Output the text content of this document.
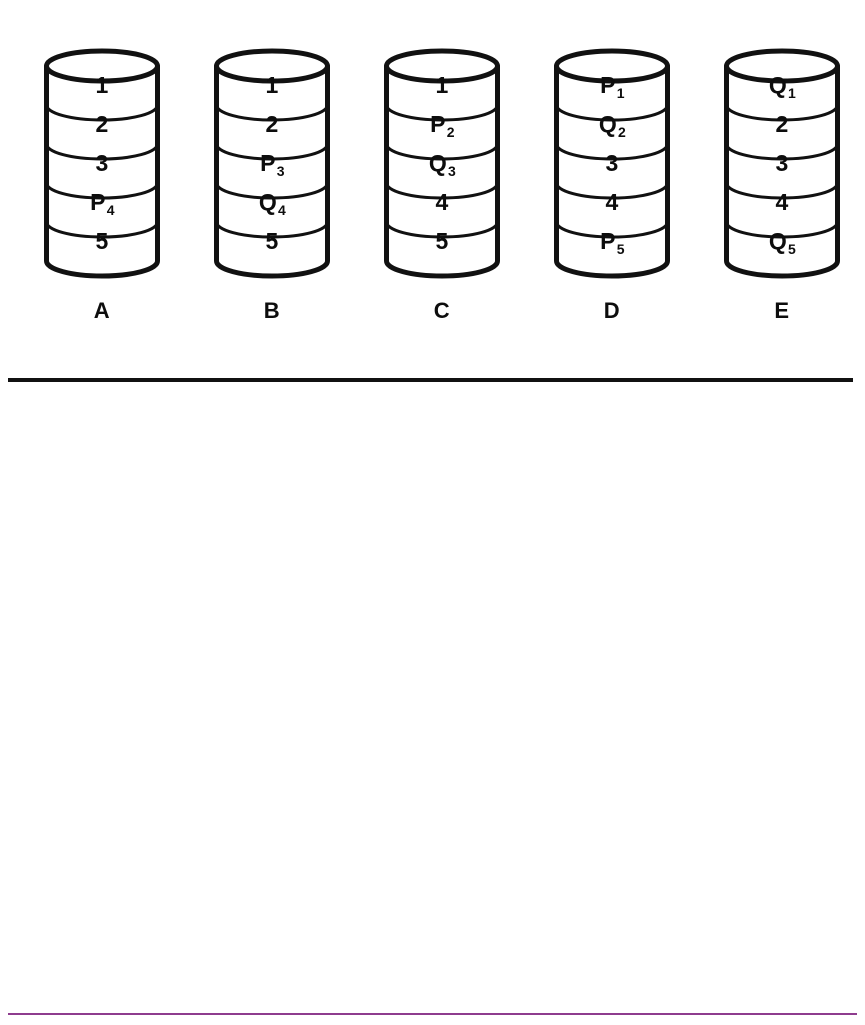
1
2
3
$P_4$
5
A
1
2
$P_3$
$Q_4$
5
B
1
$P_2$
$Q_3$
4
5
C
$P_1$
$Q_2$
3
4
$P_5$
D
$Q_1$
2
3
4
$Q_5$
E
